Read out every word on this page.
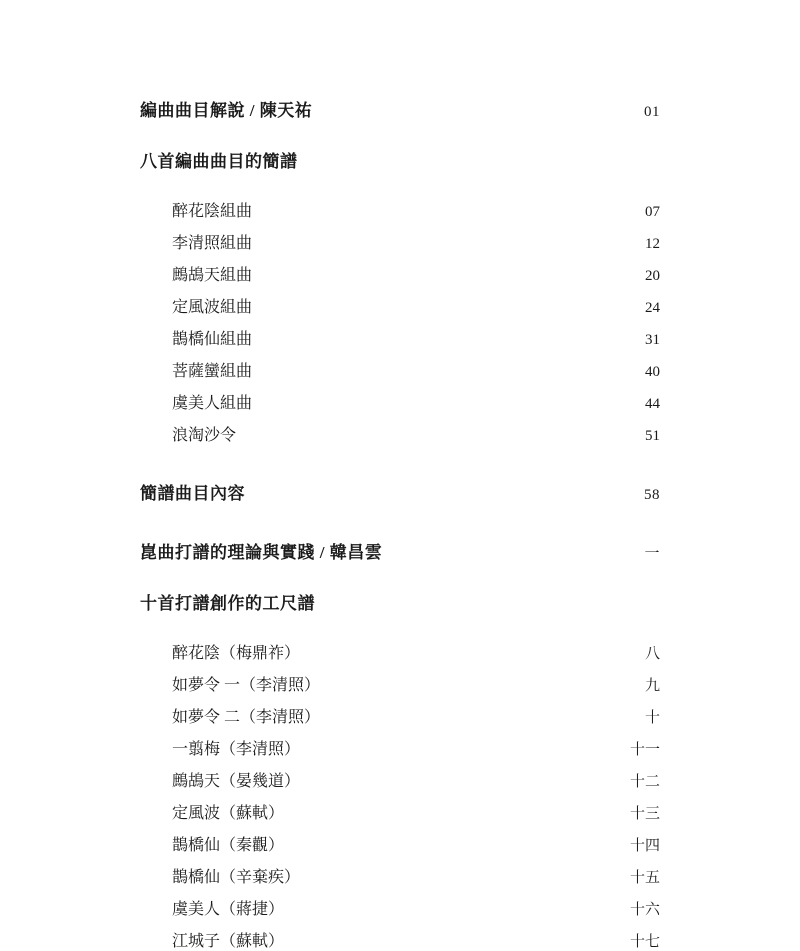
編曲曲目解說 / 陳天祐	01
八首編曲曲目的簡譜
醉花陰組曲	07
李清照組曲	12
鷓鴣天組曲	20
定風波組曲	24
鵲橋仙組曲	31
菩薩蠻組曲	40
虞美人組曲	44
浪淘沙令	51
簡譜曲目內容	58
崑曲打譜的理論與實踐 / 韓昌雲	一
十首打譜創作的工尺譜
醉花陰（梅鼎祚）	八
如夢令 一（李清照）	九
如夢令 二（李清照）	十
一翦梅（李清照）	十一
鷓鴣天（晏幾道）	十二
定風波（蘇軾）	十三
鵲橋仙（秦觀）	十四
鵲橋仙（辛棄疾）	十五
虞美人（蔣捷）	十六
江城子（蘇軾）	十七
